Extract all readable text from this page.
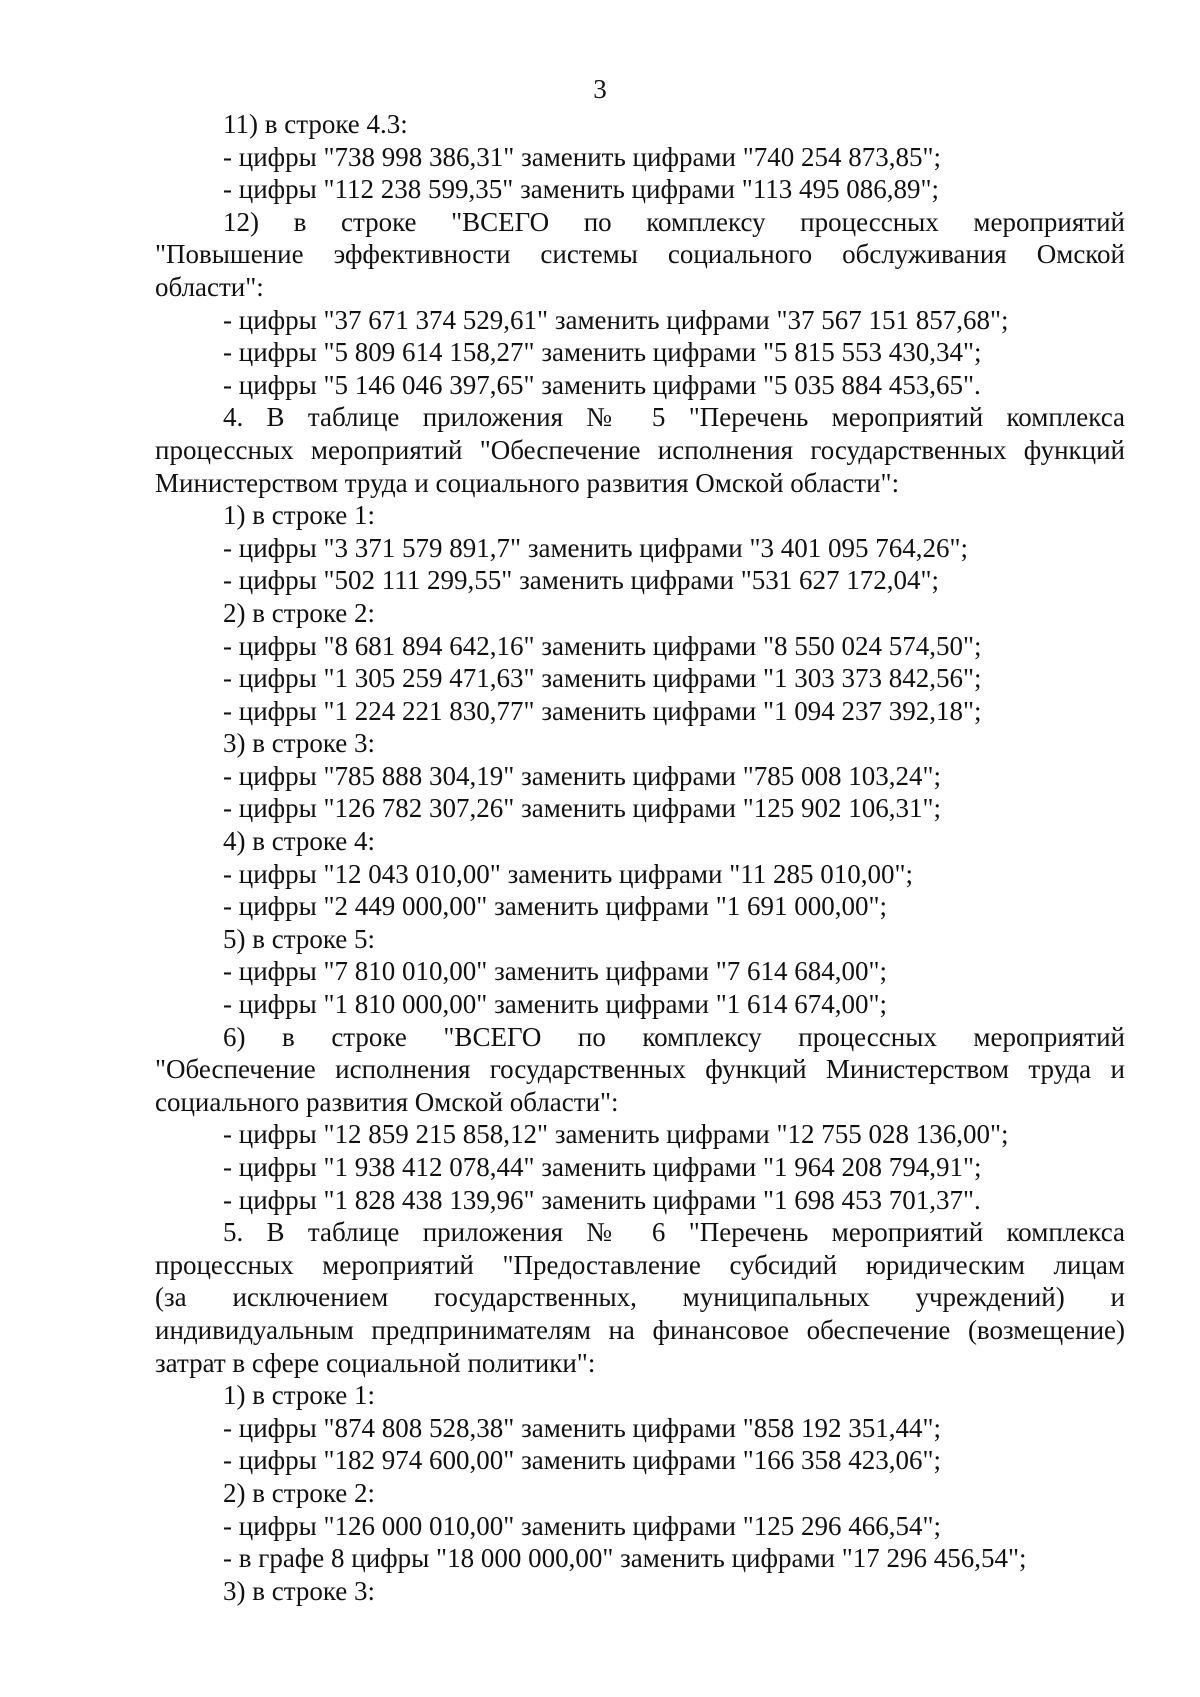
3
11) в строке 4.3:
- цифры "738 998 386,31" заменить цифрами "740 254 873,85";
- цифры "112 238 599,35" заменить цифрами "113 495 086,89";
12) в строке "ВСЕГО по комплексу процессных мероприятий
"Повышение эффективности системы социального обслуживания Омской
области":
- цифры "37 671 374 529,61" заменить цифрами "37 567 151 857,68";
- цифры "5 809 614 158,27" заменить цифрами "5 815 553 430,34";
- цифры "5 146 046 397,65" заменить цифрами "5 035 884 453,65".
4. В таблице приложения № 5 "Перечень мероприятий комплекса
процессных мероприятий "Обеспечение исполнения государственных функций
Министерством труда и социального развития Омской области":
1) в строке 1:
- цифры "3 371 579 891,7" заменить цифрами "3 401 095 764,26";
- цифры "502 111 299,55" заменить цифрами "531 627 172,04";
2) в строке 2:
- цифры "8 681 894 642,16" заменить цифрами "8 550 024 574,50";
- цифры "1 305 259 471,63" заменить цифрами "1 303 373 842,56";
- цифры "1 224 221 830,77" заменить цифрами "1 094 237 392,18";
3) в строке 3:
- цифры "785 888 304,19" заменить цифрами "785 008 103,24";
- цифры "126 782 307,26" заменить цифрами "125 902 106,31";
4) в строке 4:
- цифры "12 043 010,00" заменить цифрами "11 285 010,00";
- цифры "2 449 000,00" заменить цифрами "1 691 000,00";
5) в строке 5:
- цифры "7 810 010,00" заменить цифрами "7 614 684,00";
- цифры "1 810 000,00" заменить цифрами "1 614 674,00";
6) в строке "ВСЕГО по комплексу процессных мероприятий
"Обеспечение исполнения государственных функций Министерством труда и
социального развития Омской области":
- цифры "12 859 215 858,12" заменить цифрами "12 755 028 136,00";
- цифры "1 938 412 078,44" заменить цифрами "1 964 208 794,91";
- цифры "1 828 438 139,96" заменить цифрами "1 698 453 701,37".
5. В таблице приложения № 6 "Перечень мероприятий комплекса
процессных мероприятий "Предоставление субсидий юридическим лицам
(за исключением государственных, муниципальных учреждений) и
индивидуальным предпринимателям на финансовое обеспечение (возмещение)
затрат в сфере социальной политики":
1) в строке 1:
- цифры "874 808 528,38" заменить цифрами "858 192 351,44";
- цифры "182 974 600,00" заменить цифрами "166 358 423,06";
2) в строке 2:
- цифры "126 000 010,00" заменить цифрами "125 296 466,54";
- в графе 8 цифры "18 000 000,00" заменить цифрами "17 296 456,54";
3) в строке 3:
